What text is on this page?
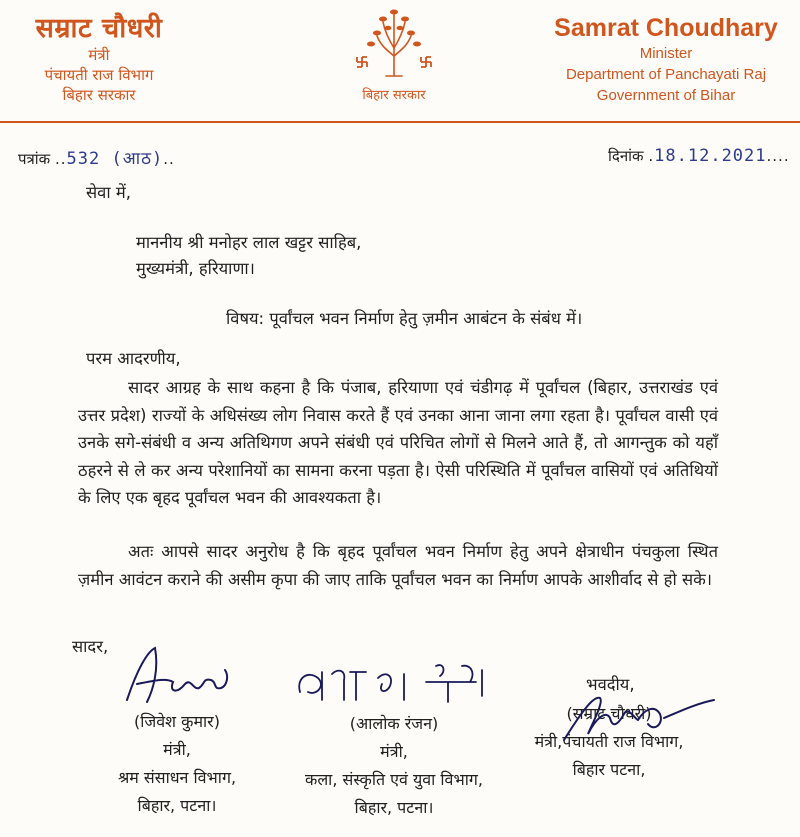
सम्राट चौधरी
मंत्री
पंचायती राज विभाग
बिहार सरकार	बिहार सरकार
Samrat Choudhary
Minister
Department of Panchayati Raj
Government of Bihar
पत्रांक ..532 (आठ)..	दिनांक .18.12.2021....
सेवा में,
माननीय श्री मनोहर लाल खट्टर साहिब,
मुख्यमंत्री, हरियाणा।
विषय: पूर्वांचल भवन निर्माण हेतु ज़मीन आबंटन के संबंध में।
परम आदरणीय,
सादर आग्रह के साथ कहना है कि पंजाब, हरियाणा एवं चंडीगढ़ में पूर्वांचल (बिहार, उत्तराखंड एवं उत्तर प्रदेश) राज्यों के अधिसंख्य लोग निवास करते हैं एवं उनका आना जाना लगा रहता है। पूर्वांचल वासी एवं उनके सगे-संबंधी व अन्य अतिथिगण अपने संबंधी एवं परिचित लोगों से मिलने आते हैं, तो आगन्तुक को यहाँ ठहरने से ले कर अन्य परेशानियों का सामना करना पड़ता है। ऐसी परिस्थिति में पूर्वांचल वासियों एवं अतिथियों के लिए एक बृहद पूर्वांचल भवन की आवश्यकता है।
अतः आपसे सादर अनुरोध है कि बृहद पूर्वांचल भवन निर्माण हेतु अपने क्षेत्राधीन पंचकुला स्थित ज़मीन आवंटन कराने की असीम कृपा की जाए ताकि पूर्वांचल भवन का निर्माण आपके आशीर्वाद से हो सके।
सादर,
भवदीय,
(जिवेश कुमार)
मंत्री,
श्रम संसाधन विभाग,
बिहार, पटना।
(आलोक रंजन)
मंत्री,
कला, संस्कृति एवं युवा विभाग,
बिहार, पटना।
(सम्राट चौधरी)
मंत्री,पंचायती राज विभाग,
बिहार पटना,
